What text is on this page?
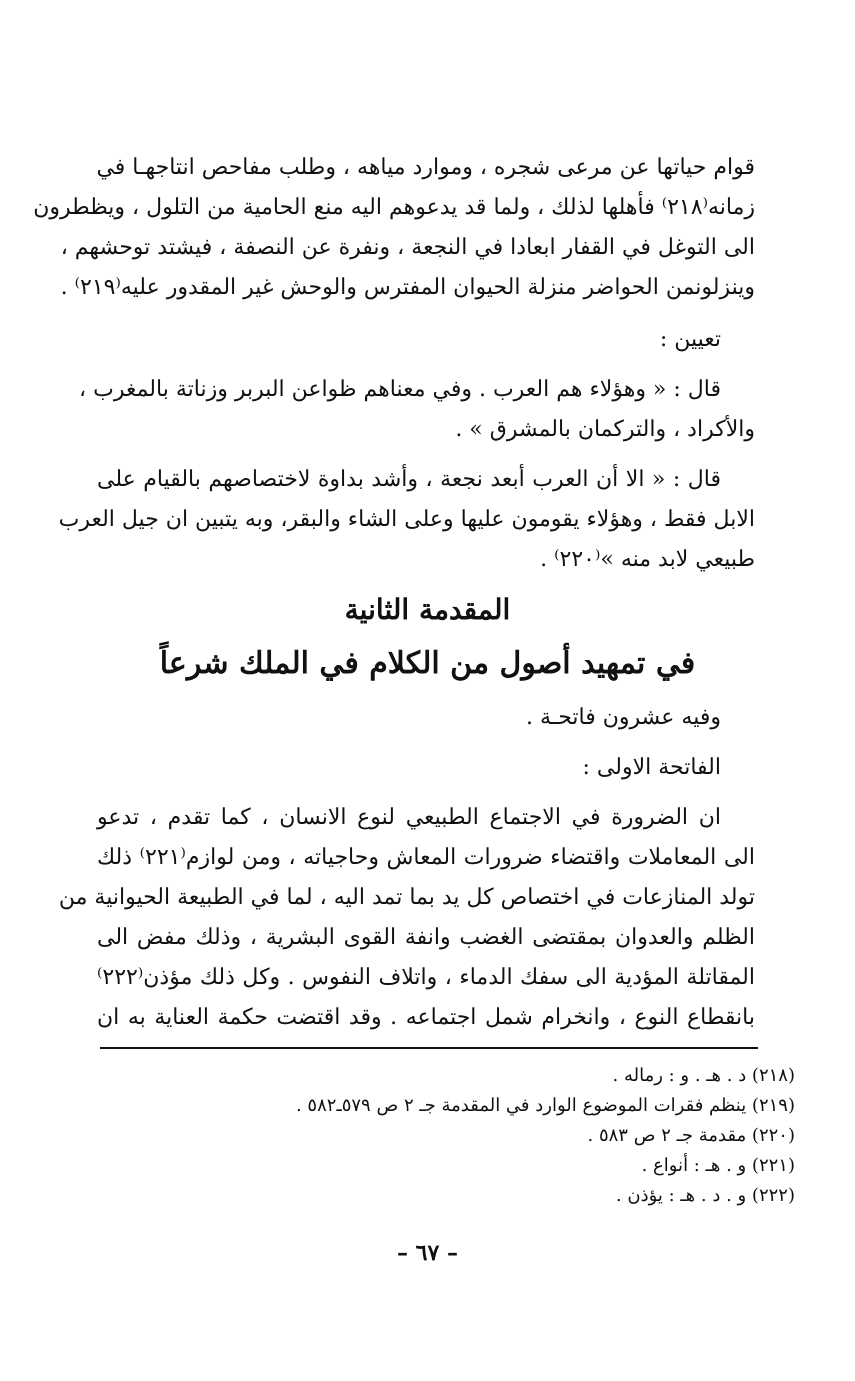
قوام حياتها عن مرعى شجره ، وموارد مياهه ، وطلب مفاحص انتاجهـا في
زمانه⁽٢١٨⁾ فأهلها لذلك ، ولما قد يدعوهم اليه منع الحامية من التلول ، ويظطرون
الى التوغل في القفار ابعادا في النجعة ، ونفرة عن النصفة ، فيشتد توحشهم ،
وينزلونمن الحواضر منزلة الحيوان المفترس والوحش غير المقدور عليه⁽٢١٩⁾ .
تعيين :
قال : « وهؤلاء هم العرب . وفي معناهم ظواعن البربر وزناتة بالمغرب ،
والأكراد ، والتركمان بالمشرق » .
قال : « الا أن العرب أبعد نجعة ، وأشد بداوة لاختصاصهم بالقيام على
الابل فقط ، وهؤلاء يقومون عليها وعلى الشاء والبقر، وبه يتبين ان جيل العرب
طبيعي لابد منه »⁽٢٢٠⁾ .
المقدمة الثانية
في تمهيد أصول من الكلام في الملك شرعاً
وفيه عشرون فاتحـة .
الفاتحة الاولى :
ان الضرورة في الاجتماع الطبيعي لنوع الانسان ، كما تقدم ، تدعو
الى المعاملات واقتضاء ضرورات المعاش وحاجياته ، ومن لوازم⁽٢٢١⁾ ذلك
تولد المنازعات في اختصاص كل يد بما تمد اليه ، لما في الطبيعة الحيوانية من
الظلم والعدوان بمقتضى الغضب وانفة القوى البشرية ، وذلك مفض الى
المقاتلة المؤدية الى سفك الدماء ، واتلاف النفوس . وكل ذلك مؤذن⁽٢٢٢⁾
بانقطاع النوع ، وانخرام شمل اجتماعه . وقد اقتضت حكمة العناية به ان
(٢١٨) د . هـ . و : رماله .
(٢١٩) ينظم فقرات الموضوع الوارد في المقدمة جـ ٢ ص ٥٧٩ـ٥٨٢ .
(٢٢٠) مقدمة جـ ٢ ص ٥٨٣ .
(٢٢١) و . هـ : أنواع .
(٢٢٢) و . د . هـ : يؤذن .
– ٦٧ –
